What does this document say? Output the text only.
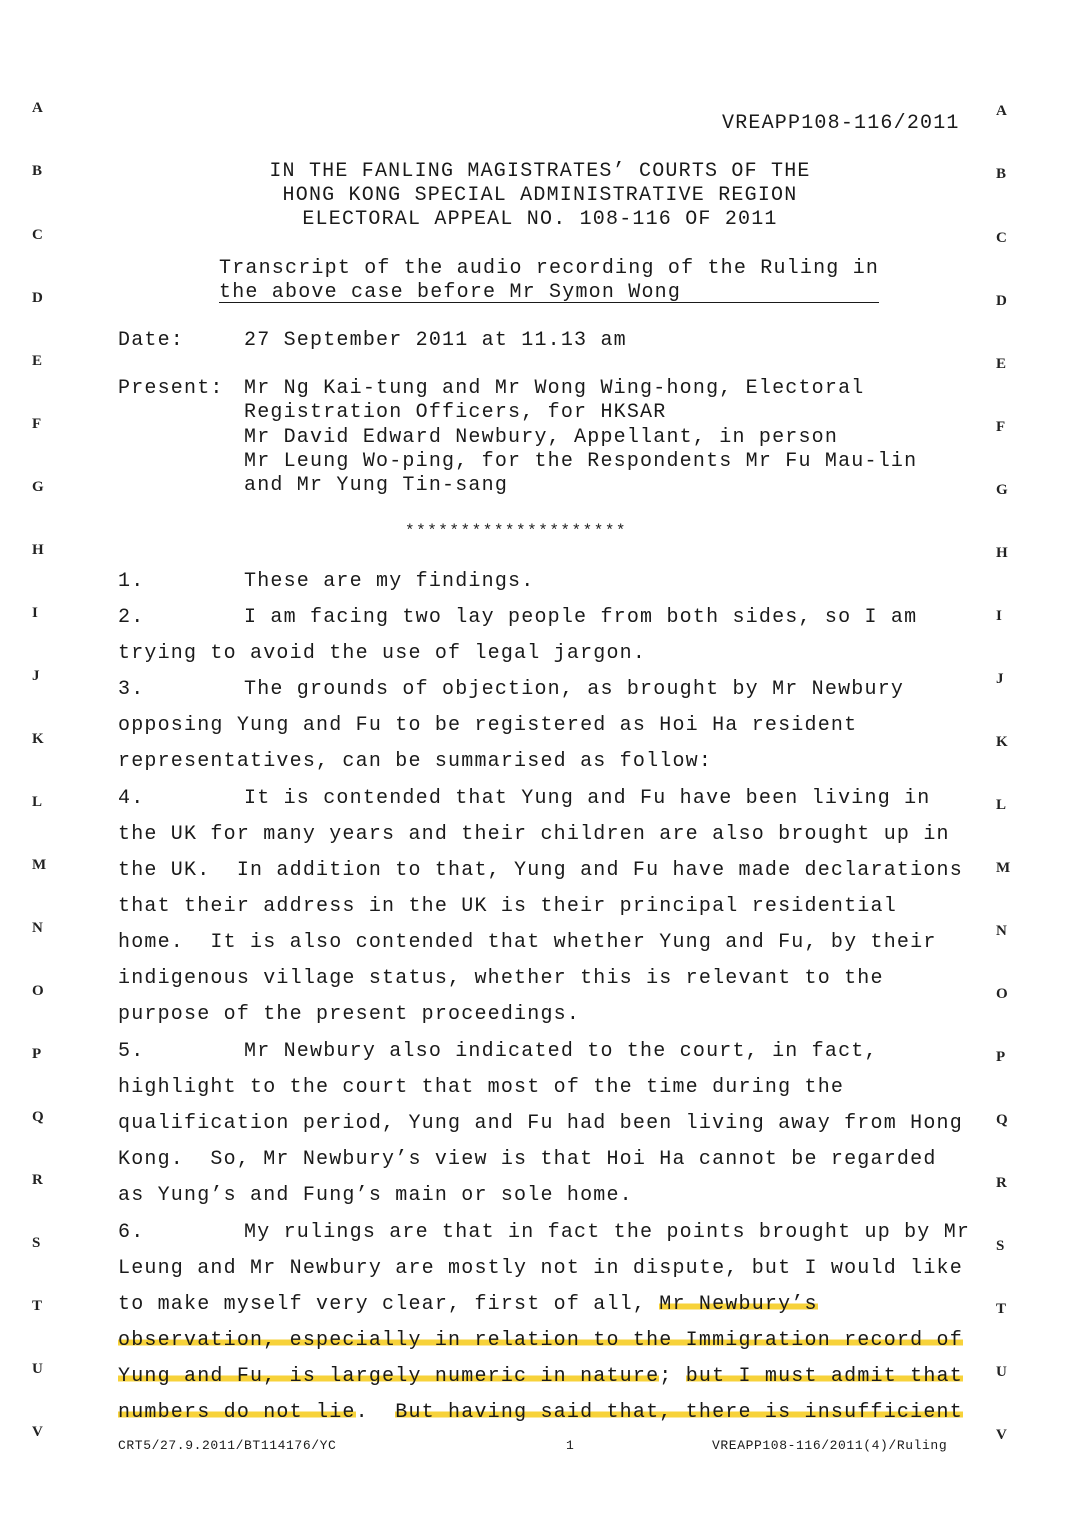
A
B
C
D
E
F
G
H
I
J
K
L
M
N
O
P
Q
R
S
T
U
V
A
B
C
D
E
F
G
H
I
J
K
L
M
N
O
P
Q
R
S
T
U
V
VREAPP108-116/2011
IN THE FANLING MAGISTRATES’ COURTS OF THE
HONG KONG SPECIAL ADMINISTRATIVE REGION
ELECTORAL APPEAL NO. 108-116 OF 2011
Transcript of the audio recording of the Ruling in
the above case before Mr Symon Wong
Date:	27 September 2011 at 11.13 am
Present: Mr Ng Kai-tung and Mr Wong Wing-hong, Electoral
Registration Officers, for HKSAR
Mr David Edward Newbury, Appellant, in person
Mr Leung Wo-ping, for the Respondents Mr Fu Mau-lin
and Mr Yung Tin-sang
********************
1.	These are my findings.
2.	I am facing two lay people from both sides, so I am
trying to avoid the use of legal jargon.
3.	The grounds of objection, as brought by Mr Newbury
opposing Yung and Fu to be registered as Hoi Ha resident
representatives, can be summarised as follow:
4.	It is contended that Yung and Fu have been living in
the UK for many years and their children are also brought up in
the UK.  In addition to that, Yung and Fu have made declarations
that their address in the UK is their principal residential
home.  It is also contended that whether Yung and Fu, by their
indigenous village status, whether this is relevant to the
purpose of the present proceedings.
5.	Mr Newbury also indicated to the court, in fact,
highlight to the court that most of the time during the
qualification period, Yung and Fu had been living away from Hong
Kong.  So, Mr Newbury’s view is that Hoi Ha cannot be regarded
as Yung’s and Fung’s main or sole home.
6.	My rulings are that in fact the points brought up by Mr
Leung and Mr Newbury are mostly not in dispute, but I would like
to make myself very clear, first of all, Mr Newbury’s
observation, especially in relation to the Immigration record of
Yung and Fu, is largely numeric in nature; but I must admit that
numbers do not lie.  But having said that, there is insufficient
CRT5/27.9.2011/BT114176/YC	1	VREAPP108-116/2011(4)/Ruling
